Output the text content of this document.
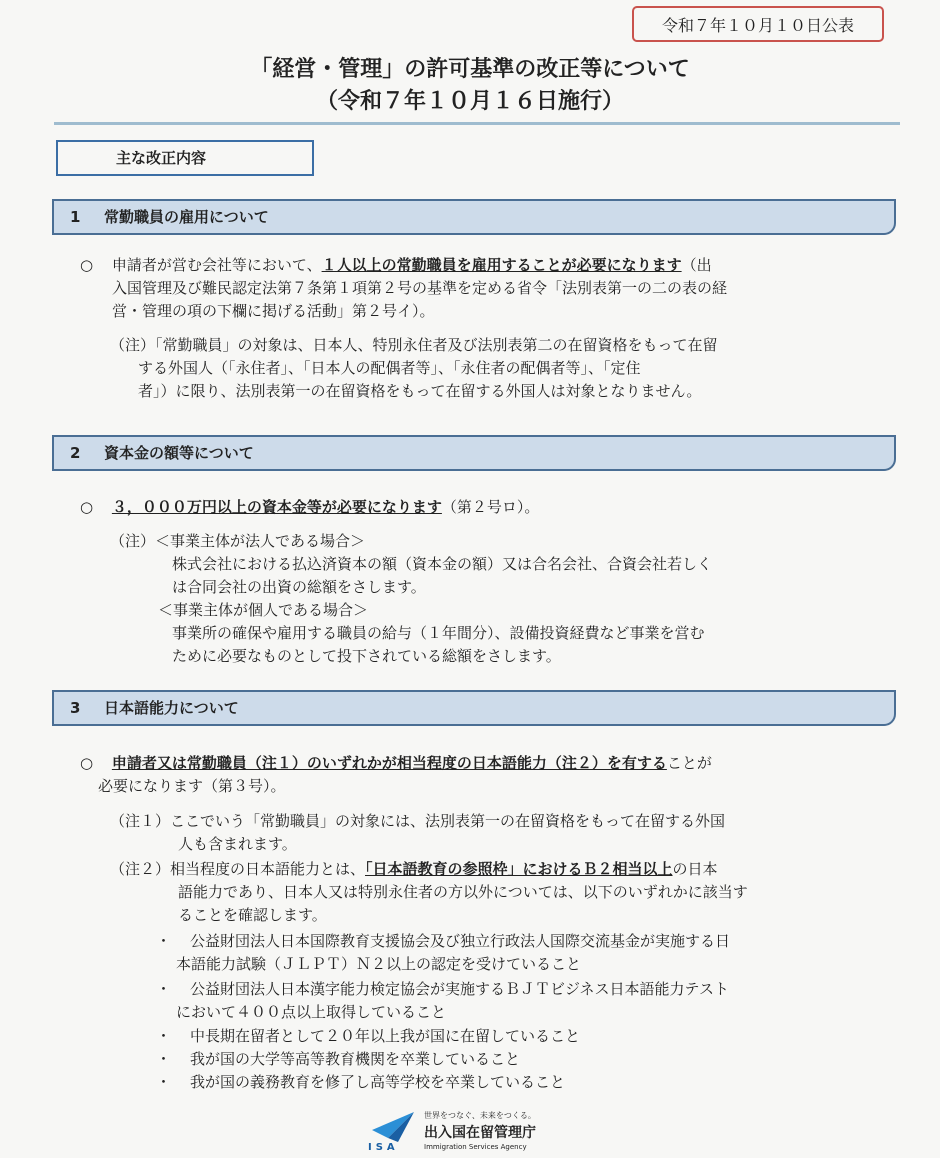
令和７年１０月１０日公表
「経営・管理」の許可基準の改正等について
（令和７年１０月１６日施行）
主な改正内容
1 常勤職員の雇用について
○ 申請者が営む会社等において、１人以上の常勤職員を雇用することが必要になります（出
入国管理及び難民認定法第７条第１項第２号の基準を定める省令「法別表第一の二の表の経
営・管理の項の下欄に掲げる活動」第２号イ）。
（注）「常勤職員」の対象は、日本人、特別永住者及び法別表第二の在留資格をもって在留
する外国人（「永住者」、「日本人の配偶者等」、「永住者の配偶者等」、「定住
者」）に限り、法別表第一の在留資格をもって在留する外国人は対象となりません。
2 資本金の額等について
○ ３，０００万円以上の資本金等が必要になります（第２号ロ）。
（注）＜事業主体が法人である場合＞
株式会社における払込済資本の額（資本金の額）又は合名会社、合資会社若しく
は合同会社の出資の総額をさします。
＜事業主体が個人である場合＞
事業所の確保や雇用する職員の給与（１年間分）、設備投資経費など事業を営む
ために必要なものとして投下されている総額をさします。
3 日本語能力について
○ 申請者又は常勤職員（注１）のいずれかが相当程度の日本語能力（注２）を有することが
必要になります（第３号）。
（注１）ここでいう「常勤職員」の対象には、法別表第一の在留資格をもって在留する外国
人も含まれます。
（注２）相当程度の日本語能力とは、「日本語教育の参照枠」におけるＢ２相当以上の日本
語能力であり、日本人又は特別永住者の方以外については、以下のいずれかに該当す
ることを確認します。
・ 公益財団法人日本国際教育支援協会及び独立行政法人国際交流基金が実施する日
本語能力試験（ＪＬＰＴ）Ｎ２以上の認定を受けていること
・ 公益財団法人日本漢字能力検定協会が実施するＢＪＴビジネス日本語能力テスト
において４００点以上取得していること
・ 中長期在留者として２０年以上我が国に在留していること
・ 我が国の大学等高等教育機関を卒業していること
・ 我が国の義務教育を修了し高等学校を卒業していること
ISA
世界をつなぐ、未来をつくる。
出入国在留管理庁
Immigration Services Agency
